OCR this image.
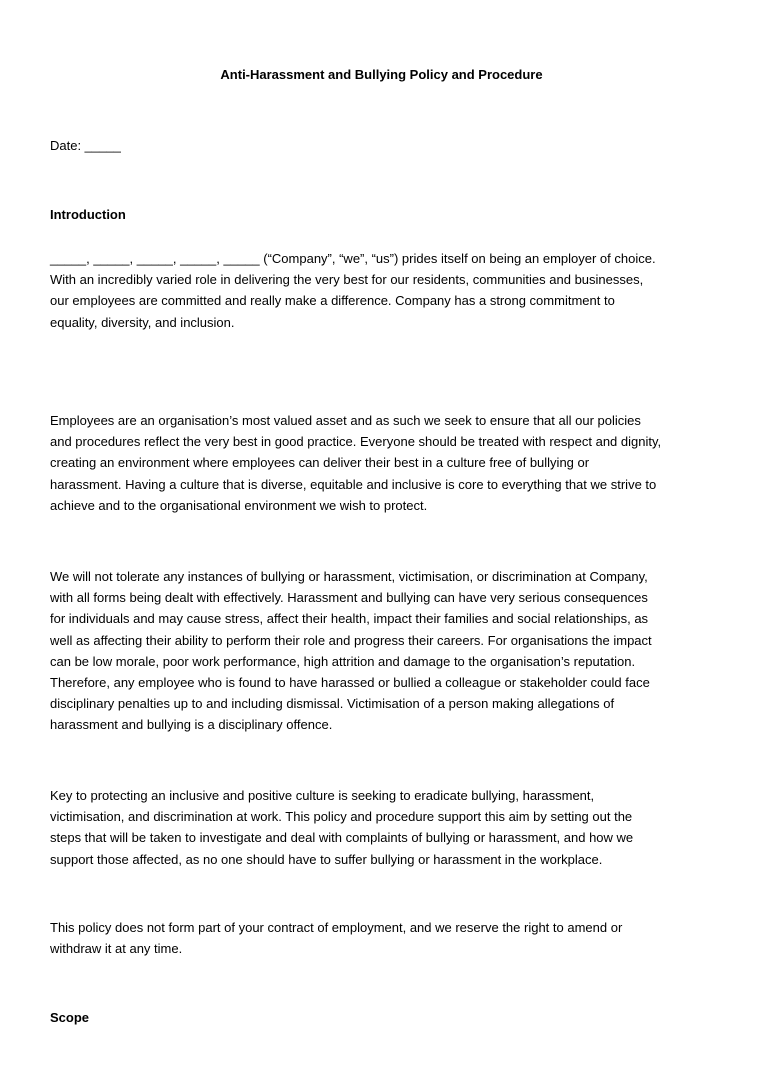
Anti-Harassment and Bullying Policy and Procedure
Date: _____
Introduction
_____, _____, _____, _____, _____ (“Company”, “we”, “us”) prides itself on being an employer of choice.
With an incredibly varied role in delivering the very best for our residents, communities and businesses,
our employees are committed and really make a difference. Company has a strong commitment to
equality, diversity, and inclusion.
Employees are an organisation’s most valued asset and as such we seek to ensure that all our policies
and procedures reflect the very best in good practice. Everyone should be treated with respect and dignity,
creating an environment where employees can deliver their best in a culture free of bullying or
harassment. Having a culture that is diverse, equitable and inclusive is core to everything that we strive to
achieve and to the organisational environment we wish to protect.
We will not tolerate any instances of bullying or harassment, victimisation, or discrimination at Company,
with all forms being dealt with effectively. Harassment and bullying can have very serious consequences
for individuals and may cause stress, affect their health, impact their families and social relationships, as
well as affecting their ability to perform their role and progress their careers. For organisations the impact
can be low morale, poor work performance, high attrition and damage to the organisation’s reputation.
Therefore, any employee who is found to have harassed or bullied a colleague or stakeholder could face
disciplinary penalties up to and including dismissal. Victimisation of a person making allegations of
harassment and bullying is a disciplinary offence.
Key to protecting an inclusive and positive culture is seeking to eradicate bullying, harassment,
victimisation, and discrimination at work. This policy and procedure support this aim by setting out the
steps that will be taken to investigate and deal with complaints of bullying or harassment, and how we
support those affected, as no one should have to suffer bullying or harassment in the workplace.
This policy does not form part of your contract of employment, and we reserve the right to amend or
withdraw it at any time.
Scope
